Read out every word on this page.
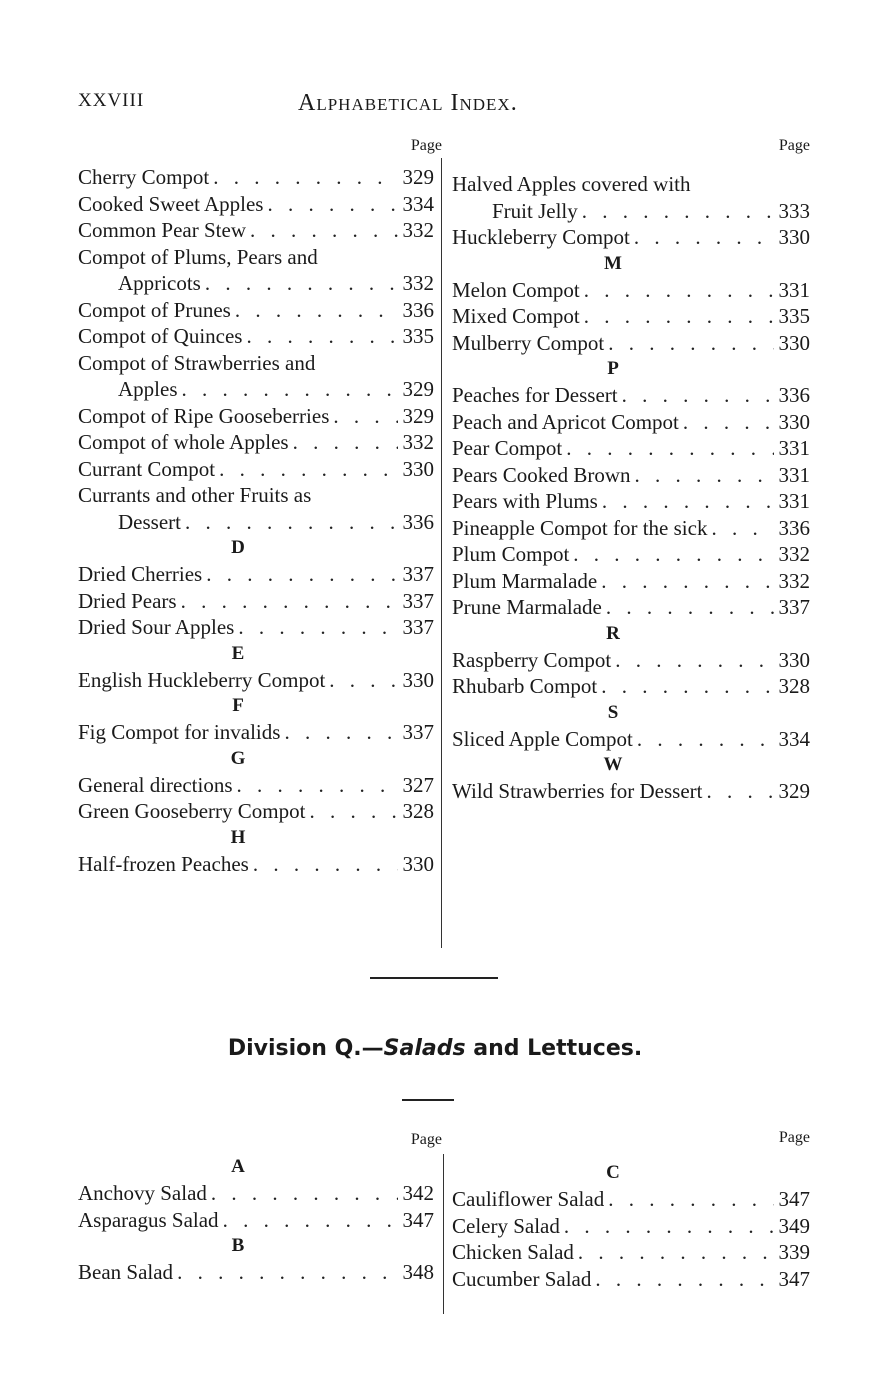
XXVIII	Alphabetical Index.
Page
Cherry Compot . . .	329
Cooked Sweet Apples . . .	334
Common Pear Stew . . .	332
Compot of Plums, Pears and
Appricots . . .	332
Compot of Prunes . . .	336
Compot of Quinces . . .	335
Compot of Strawberries and
Apples . . .	329
Compot of Ripe Gooseberries . . .	329
Compot of whole Apples . . .	332
Currant Compot . . .	330
Currants and other Fruits as
Dessert . . .	336
D
Dried Cherries . . .	337
Dried Pears . . .	337
Dried Sour Apples . . .	337
E
English Huckleberry Compot . . .	330
F
Fig Compot for invalids . . .	337
G
General directions . . .	327
Green Gooseberry Compot . . .	328
H
Half-frozen Peaches . . .	330
Page
Halved Apples covered with
Fruit Jelly . . .	333
Huckleberry Compot . . .	330
M
Melon Compot . . .	331
Mixed Compot . . .	335
Mulberry Compot . . .	330
P
Peaches for Dessert . . .	336
Peach and Apricot Compot . . .	330
Pear Compot . . .	331
Pears Cooked Brown . . .	331
Pears with Plums . . .	331
Pineapple Compot for the sick . . .	336
Plum Compot . . .	332
Plum Marmalade . . .	332
Prune Marmalade . . .	337
R
Raspberry Compot . . .	330
Rhubarb Compot . . .	328
S
Sliced Apple Compot . . .	334
W
Wild Strawberries for Dessert . . .	329
Division Q.—Salads and Lettuces.
Page
A
Anchovy Salad . . .	342
Asparagus Salad . . .	347
B
Bean Salad . . .	348
Page
C
Cauliflower Salad . . .	347
Celery Salad . . .	349
Chicken Salad . . .	339
Cucumber Salad . . .	347
